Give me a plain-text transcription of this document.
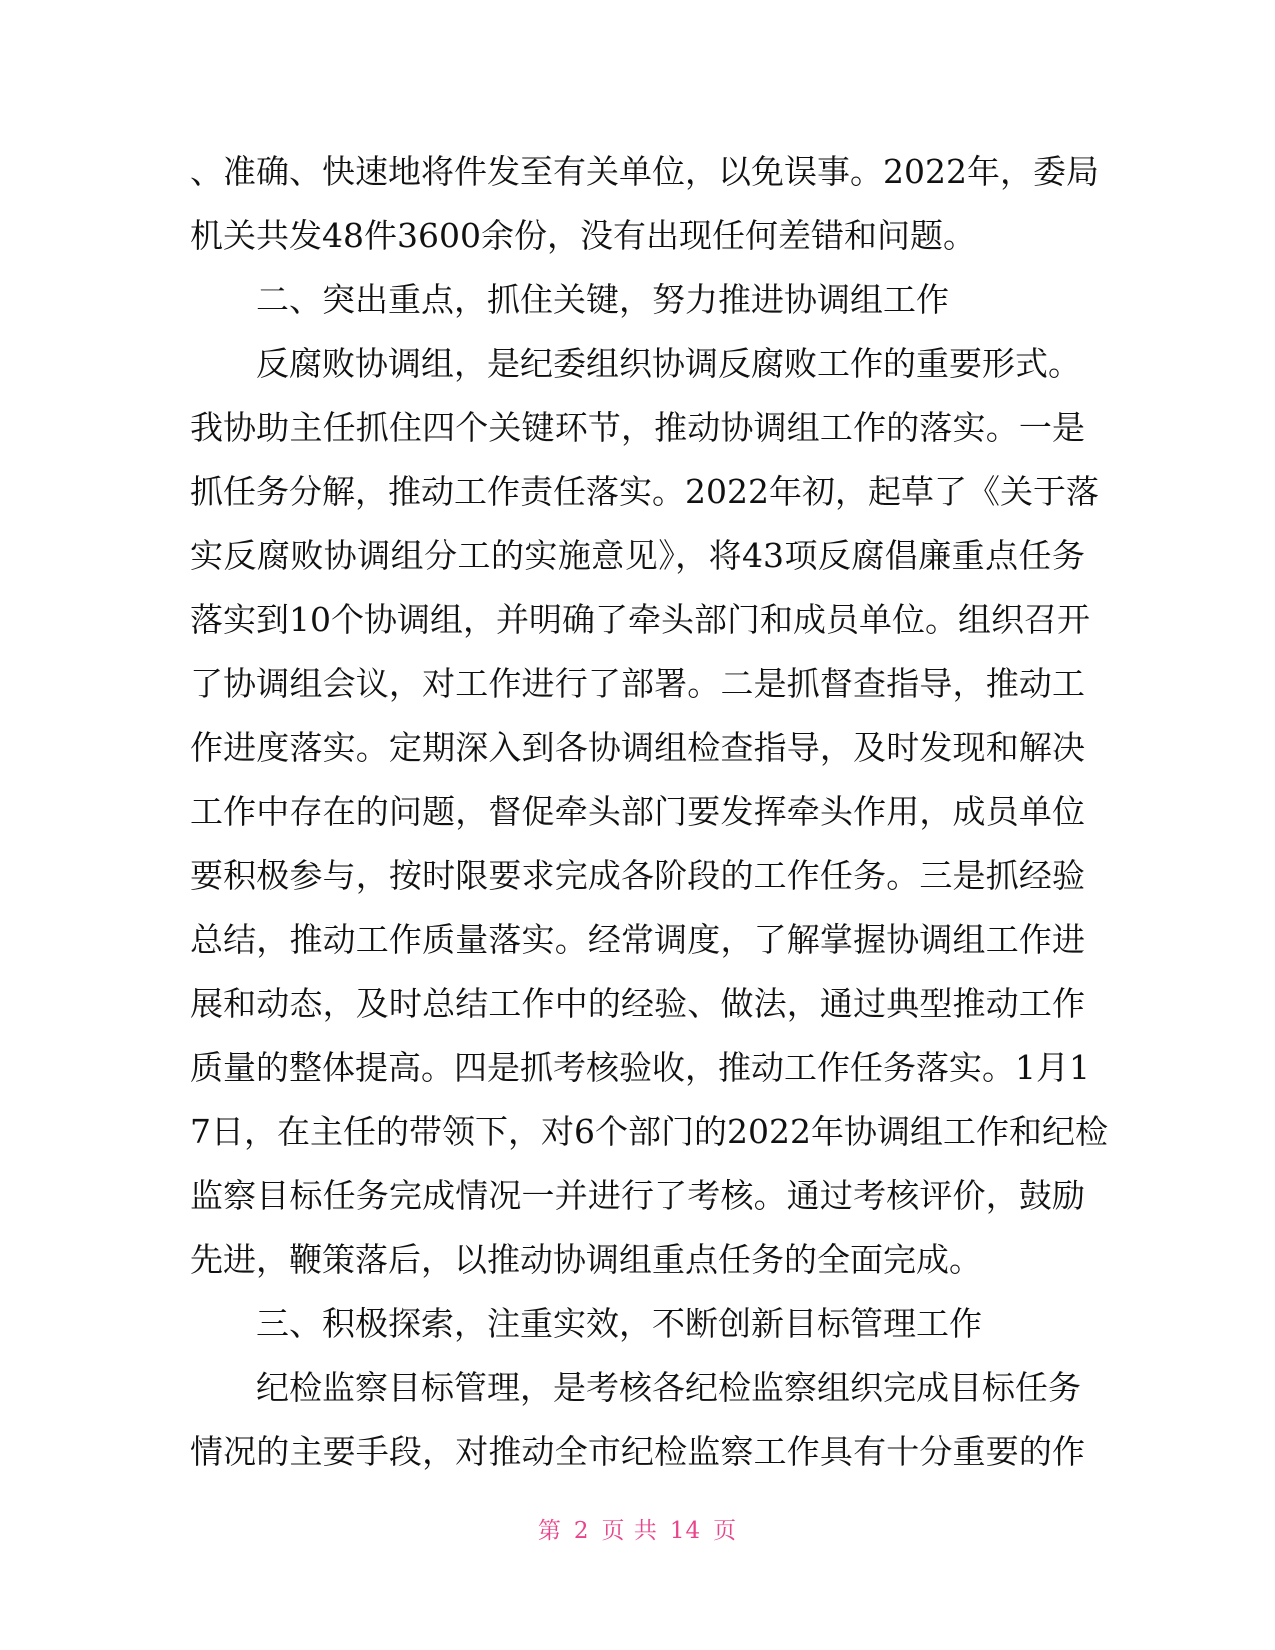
、准确、快速地将件发至有关单位，以免误事。2022年，委局
机关共发48件3600余份，没有出现任何差错和问题。
二、突出重点，抓住关键，努力推进协调组工作
反腐败协调组，是纪委组织协调反腐败工作的重要形式。
我协助主任抓住四个关键环节，推动协调组工作的落实。一是
抓任务分解，推动工作责任落实。2022年初，起草了《关于落
实反腐败协调组分工的实施意见》，将43项反腐倡廉重点任务
落实到10个协调组，并明确了牵头部门和成员单位。组织召开
了协调组会议，对工作进行了部署。二是抓督查指导，推动工
作进度落实。定期深入到各协调组检查指导，及时发现和解决
工作中存在的问题，督促牵头部门要发挥牵头作用，成员单位
要积极参与，按时限要求完成各阶段的工作任务。三是抓经验
总结，推动工作质量落实。经常调度，了解掌握协调组工作进
展和动态，及时总结工作中的经验、做法，通过典型推动工作
质量的整体提高。四是抓考核验收，推动工作任务落实。1月1
7日，在主任的带领下，对6个部门的2022年协调组工作和纪检
监察目标任务完成情况一并进行了考核。通过考核评价，鼓励
先进，鞭策落后，以推动协调组重点任务的全面完成。
三、积极探索，注重实效，不断创新目标管理工作
纪检监察目标管理，是考核各纪检监察组织完成目标任务
情况的主要手段，对推动全市纪检监察工作具有十分重要的作
第 2 页 共 14 页
